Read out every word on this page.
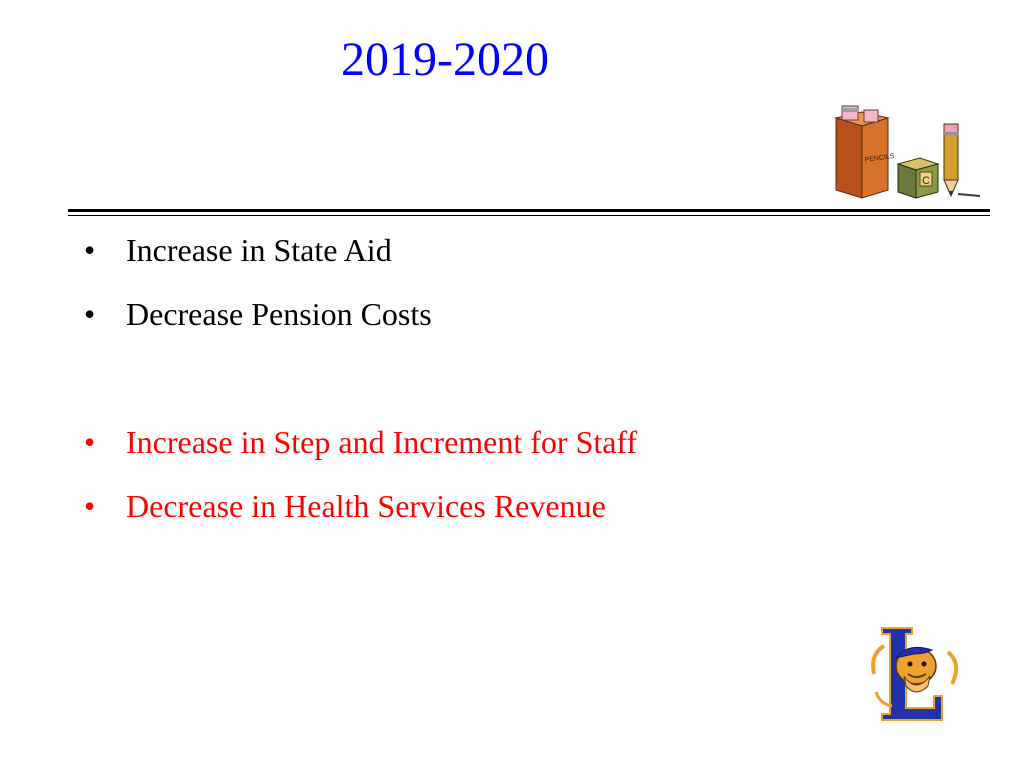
2019-2020
PENCILS
C
• Increase in State Aid
• Decrease Pension Costs
• Increase in Step and Increment for Staff
• Decrease in Health Services Revenue
L
